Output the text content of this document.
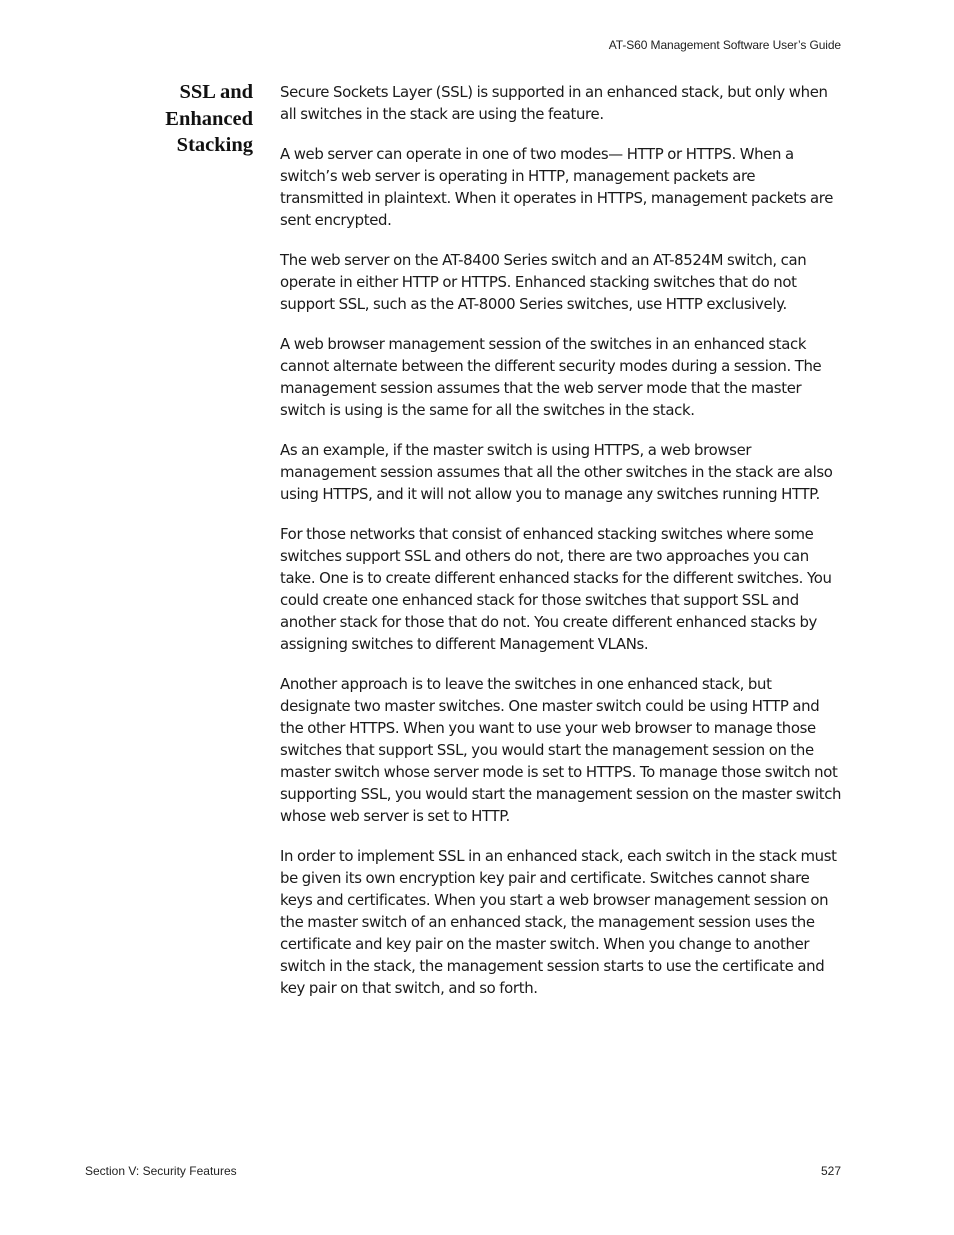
AT-S60 Management Software User’s Guide
SSL and
Enhanced
Stacking

Secure Sockets Layer (SSL) is supported in an enhanced stack, but only when all switches in the stack are using the feature.

A web server can operate in one of two modes— HTTP or HTTPS. When a switch’s web server is operating in HTTP, management packets are transmitted in plaintext. When it operates in HTTPS, management packets are sent encrypted.

The web server on the AT-8400 Series switch and an AT-8524M switch, can operate in either HTTP or HTTPS. Enhanced stacking switches that do not support SSL, such as the AT-8000 Series switches, use HTTP exclusively.

A web browser management session of the switches in an enhanced stack cannot alternate between the different security modes during a session. The management session assumes that the web server mode that the master switch is using is the same for all the switches in the stack.

As an example, if the master switch is using HTTPS, a web browser management session assumes that all the other switches in the stack are also using HTTPS, and it will not allow you to manage any switches running HTTP.

For those networks that consist of enhanced stacking switches where some switches support SSL and others do not, there are two approaches you can take. One is to create different enhanced stacks for the different switches. You could create one enhanced stack for those switches that support SSL and another stack for those that do not. You create different enhanced stacks by assigning switches to different Management VLANs.

Another approach is to leave the switches in one enhanced stack, but designate two master switches. One master switch could be using HTTP and the other HTTPS. When you want to use your web browser to manage those switches that support SSL, you would start the management session on the master switch whose server mode is set to HTTPS. To manage those switch not supporting SSL, you would start the management session on the master switch whose web server is set to HTTP.

In order to implement SSL in an enhanced stack, each switch in the stack must be given its own encryption key pair and certificate. Switches cannot share keys and certificates. When you start a web browser management session on the master switch of an enhanced stack, the management session uses the certificate and key pair on the master switch. When you change to another switch in the stack, the management session starts to use the certificate and key pair on that switch, and so forth.

Section V: Security Features	527
